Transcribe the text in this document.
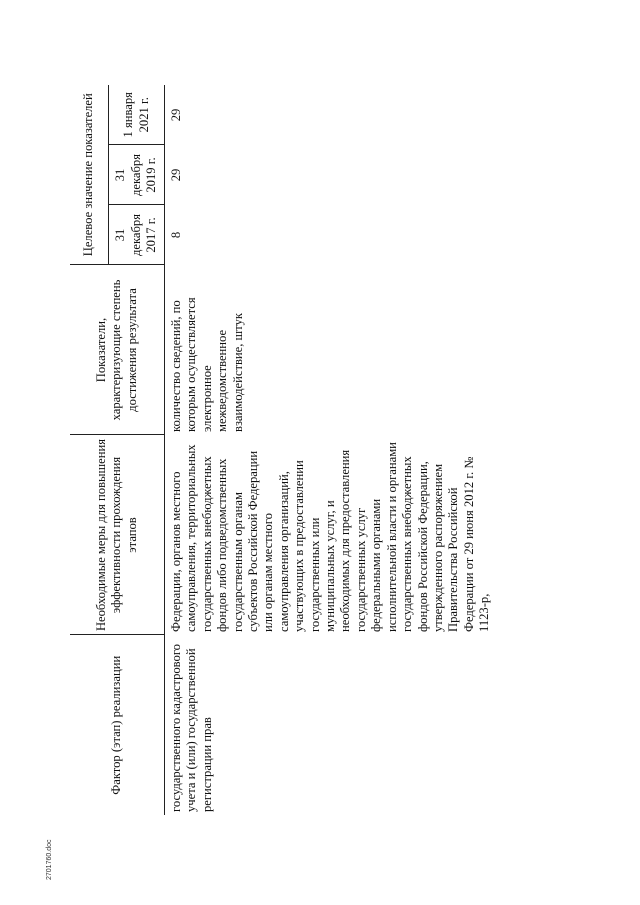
2701760.doc
Фактор (этап) реализации	Необходимые меры для повышения эффективности прохождения этапов	Показатели, характеризующие степень достижения результата	Целевое значение показателей		
			31 декабря 2017 г.	31 декабря 2019 г.	1 января 2021 г.
государственного кадастрового учета и (или) государственной регистрации прав	Федерации, органов местного самоуправления, территориальных государственных внебюджетных фондов либо подведомственных государственным органам субъектов Российской Федерации или органам местного самоуправления организаций, участвующих в предоставлении государственных или муниципальных услуг, и необходимых для предоставления государственных услуг федеральными органами исполнительной власти и органами государственных внебюджетных фондов Российской Федерации, утвержденного распоряжением Правительства Российской Федерации от 29 июня 2012 г. № 1123-р,	количество сведений, по которым осуществляется электронное межведомственное взаимодействие, штук	8	29	29
